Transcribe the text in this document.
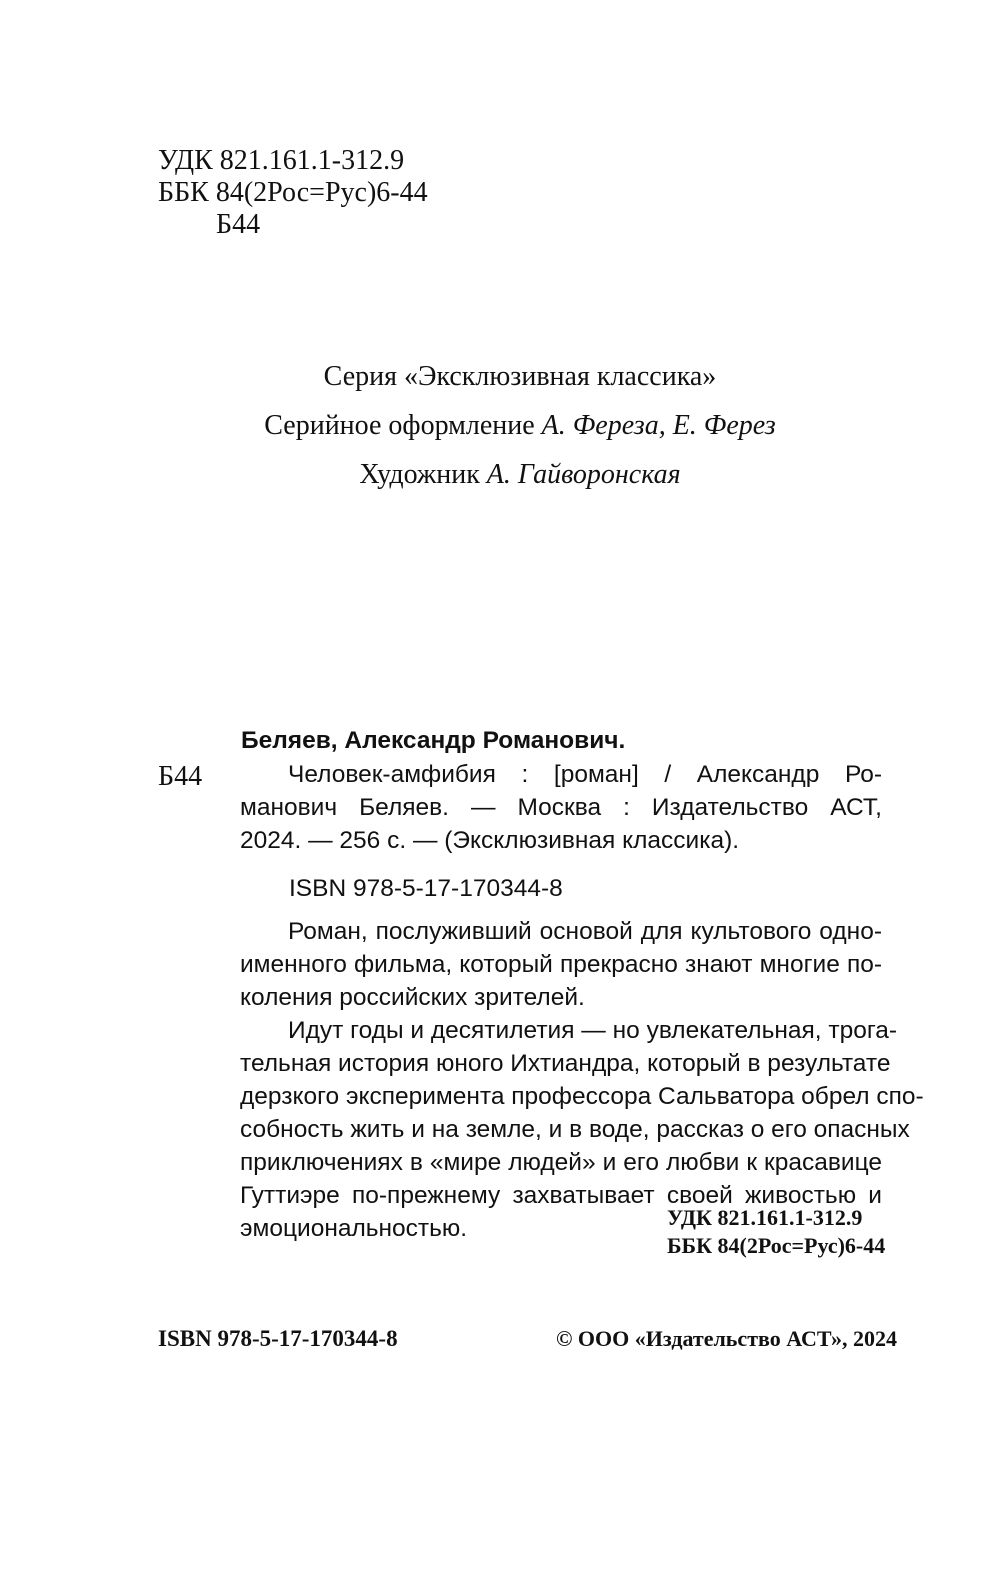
УДК 821.161.1-312.9
ББК 84(2Рос=Рус)6-44
Б44
Серия «Эксклюзивная классика»
Серийное оформление А. Фереза, Е. Ферез
Художник А. Гайворонская
Беляев, Александр Романович.
Б44	Человек-амфибия : [роман] / Александр Ро-
манович Беляев. — Москва : Издательство АСТ,
2024. — 256 с. — (Эксклюзивная классика).
ISBN 978-5-17-170344-8
Роман, послуживший основой для культового одно-
именного фильма, который прекрасно знают многие по-
коления российских зрителей.
Идут годы и десятилетия — но увлекательная, трога-
тельная история юного Ихтиандра, который в результате
дерзкого эксперимента профессора Сальватора обрел спо-
собность жить и на земле, и в воде, рассказ о его опасных
приключениях в «мире людей» и его любви к красавице
Гуттиэре по-прежнему захватывает своей живостью и
эмоциональностью.	УДК 821.161.1-312.9
ББК 84(2Рос=Рус)6-44
ISBN 978-5-17-170344-8	© ООО «Издательство АСТ», 2024
